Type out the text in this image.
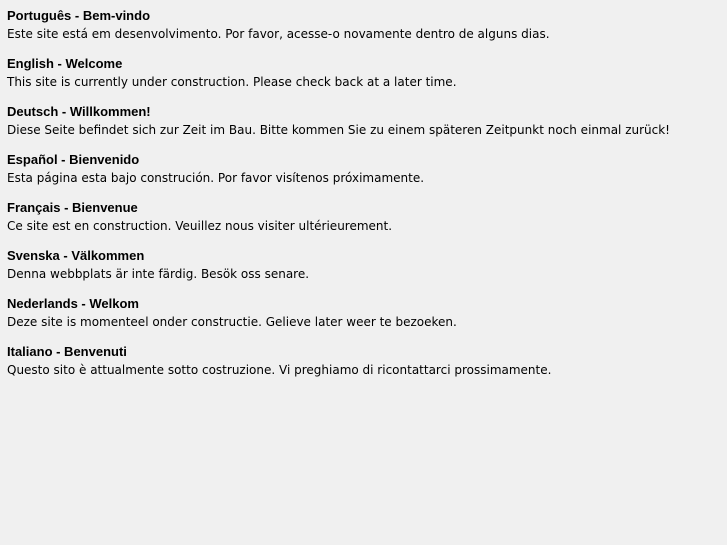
Português - Bem-vindo
Este site está em desenvolvimento. Por favor, acesse-o novamente dentro de alguns dias.
English - Welcome
This site is currently under construction. Please check back at a later time.
Deutsch - Willkommen!
Diese Seite befindet sich zur Zeit im Bau. Bitte kommen Sie zu einem späteren Zeitpunkt noch einmal zurück!
Español - Bienvenido
Esta página esta bajo construción. Por favor visítenos próximamente.
Français - Bienvenue
Ce site est en construction. Veuillez nous visiter ultérieurement.
Svenska - Välkommen
Denna webbplats är inte färdig. Besök oss senare.
Nederlands - Welkom
Deze site is momenteel onder constructie. Gelieve later weer te bezoeken.
Italiano - Benvenuti
Questo sito è attualmente sotto costruzione. Vi preghiamo di ricontattarci prossimamente.
